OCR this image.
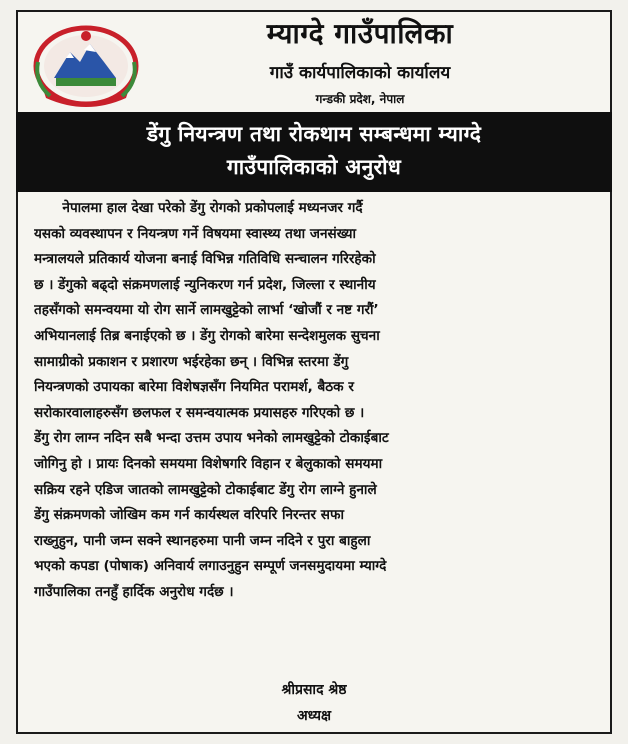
म्याग्दे गाउँपालिका
गाउँ कार्यपालिकाको कार्यालय
गन्डकी प्रदेश, नेपाल
डेंगु नियन्त्रण तथा रोकथाम सम्बन्धमा म्याग्दे
गाउँपालिकाको अनुरोध
नेपालमा हाल देखा परेको डेंगु रोगको प्रकोपलाई मध्यनजर गर्दै
यसको व्यवस्थापन र नियन्त्रण गर्ने विषयमा स्वास्थ्य तथा जनसंख्या
मन्त्रालयले प्रतिकार्य योजना बनाई विभिन्न गतिविधि सन्चालन गरिरहेको
छ । डेंगुको बढ्दो संक्रमणलाई न्युनिकरण गर्न प्रदेश, जिल्ला र स्थानीय
तहसँगको समन्वयमा यो रोग सार्ने लामखुट्टेको लार्भा ‘खोजौं र नष्ट गरौं’
अभियानलाई तिब्र बनाईएको छ । डेंगु रोगको बारेमा सन्देशमुलक सुचना
सामाग्रीको प्रकाशन र प्रशारण भईरहेका छन् । विभिन्न स्तरमा डेंगु
नियन्त्रणको उपायका बारेमा विशेषज्ञसँग नियमित परामर्श, बैठक र
सरोकारवालाहरुसँग छलफल र समन्वयात्मक प्रयासहरु गरिएको छ ।
डेंगु रोग लाग्न नदिन सबै भन्दा उत्तम उपाय भनेको लामखुट्टेको टोकाईबाट
जोगिनु हो । प्रायः दिनको समयमा विशेषगरि विहान र बेलुकाको समयमा
सक्रिय रहने एडिज जातको लामखुट्टेको टोकाईबाट डेंगु रोग लाग्ने हुनाले
डेंगु संक्रमणको जोखिम कम गर्न कार्यस्थल वरिपरि निरन्तर सफा
राख्नुहुन, पानी जम्न सक्ने स्थानहरुमा पानी जम्न नदिने र पुरा बाहुला
भएको कपडा (पोषाक) अनिवार्य लगाउनुहुन सम्पूर्ण जनसमुदायमा म्याग्दे
गाउँपालिका तनहुँ हार्दिक अनुरोध गर्दछ ।
श्रीप्रसाद श्रेष्ठ
अध्यक्ष
